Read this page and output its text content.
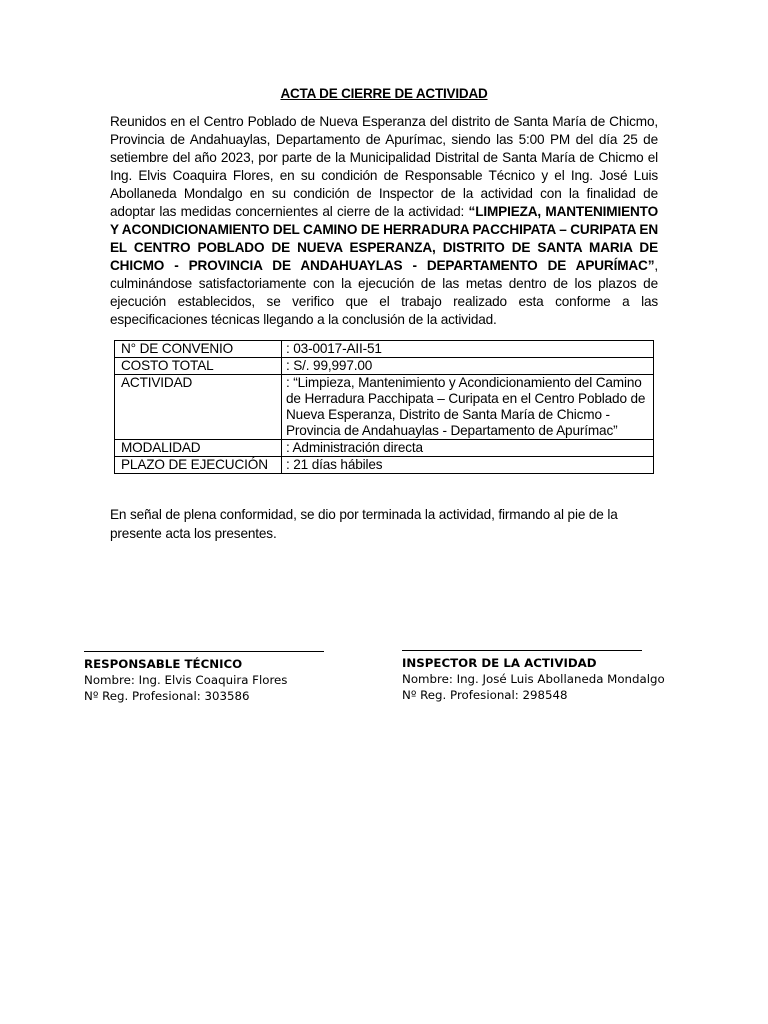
ACTA DE CIERRE DE ACTIVIDAD
Reunidos en el Centro Poblado de Nueva Esperanza del distrito de Santa María de Chicmo, Provincia de Andahuaylas, Departamento de Apurímac, siendo las 5:00 PM del día 25 de setiembre del año 2023, por parte de la Municipalidad Distrital de Santa María de Chicmo el Ing. Elvis Coaquira Flores, en su condición de Responsable Técnico y el Ing. José Luis Abollaneda Mondalgo en su condición de Inspector de la actividad con la finalidad de adoptar las medidas concernientes al cierre de la actividad: “LIMPIEZA, MANTENIMIENTO Y ACONDICIONAMIENTO DEL CAMINO DE HERRADURA PACCHIPATA – CURIPATA EN EL CENTRO POBLADO DE NUEVA ESPERANZA, DISTRITO DE SANTA MARIA DE CHICMO - PROVINCIA DE ANDAHUAYLAS - DEPARTAMENTO DE APURÍMAC”, culminándose satisfactoriamente con la ejecución de las metas dentro de los plazos de ejecución establecidos, se verifico que el trabajo realizado esta conforme a las especificaciones técnicas llegando a la conclusión de la actividad.
N° DE CONVENIO	: 03-0017-AII-51
COSTO TOTAL	: S/. 99,997.00
ACTIVIDAD	: “Limpieza, Mantenimiento y Acondicionamiento del Camino de Herradura Pacchipata – Curipata en el Centro Poblado de Nueva Esperanza, Distrito de Santa María de Chicmo - Provincia de Andahuaylas - Departamento de Apurímac”
MODALIDAD	: Administración directa
PLAZO DE EJECUCIÓN	: 21 días hábiles
En señal de plena conformidad, se dio por terminada la actividad, firmando al pie de la presente acta los presentes.
RESPONSABLE TÉCNICO
Nombre: Ing. Elvis Coaquira Flores
Nº Reg. Profesional: 303586
INSPECTOR DE LA ACTIVIDAD
Nombre: Ing. José Luis Abollaneda Mondalgo
Nº Reg. Profesional: 298548
